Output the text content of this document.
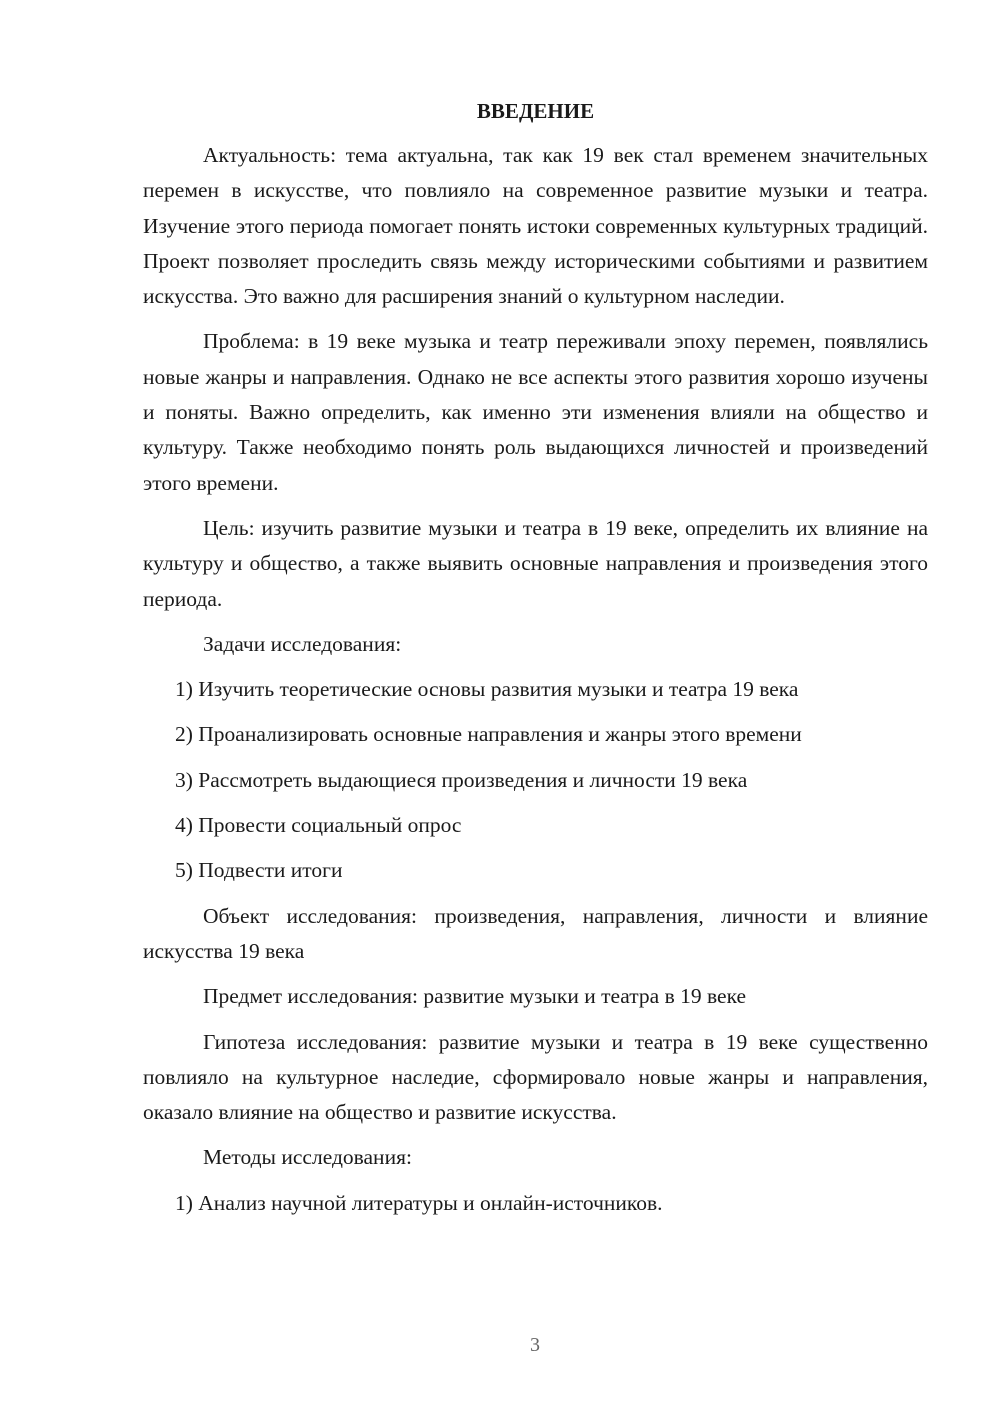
ВВЕДЕНИЕ

Актуальность: тема актуальна, так как 19 век стал временем значительных перемен в искусстве, что повлияло на современное развитие музыки и театра. Изучение этого периода помогает понять истоки современных культурных традиций. Проект позволяет проследить связь между историческими событиями и развитием искусства. Это важно для расширения знаний о культурном наследии.

Проблема: в 19 веке музыка и театр переживали эпоху перемен, появлялись новые жанры и направления. Однако не все аспекты этого развития хорошо изучены и поняты. Важно определить, как именно эти изменения влияли на общество и культуру. Также необходимо понять роль выдающихся личностей и произведений этого времени.

Цель: изучить развитие музыки и театра в 19 веке, определить их влияние на культуру и общество, а также выявить основные направления и произведения этого периода.

Задачи исследования:

1) Изучить теоретические основы развития музыки и театра 19 века

2) Проанализировать основные направления и жанры этого времени

3) Рассмотреть выдающиеся произведения и личности 19 века

4) Провести социальный опрос

5) Подвести итоги

Объект исследования: произведения, направления, личности и влияние искусства 19 века

Предмет исследования: развитие музыки и театра в 19 веке

Гипотеза исследования: развитие музыки и театра в 19 веке существенно повлияло на культурное наследие, сформировало новые жанры и направления, оказало влияние на общество и развитие искусства.

Методы исследования:

1) Анализ научной литературы и онлайн-источников.

3
